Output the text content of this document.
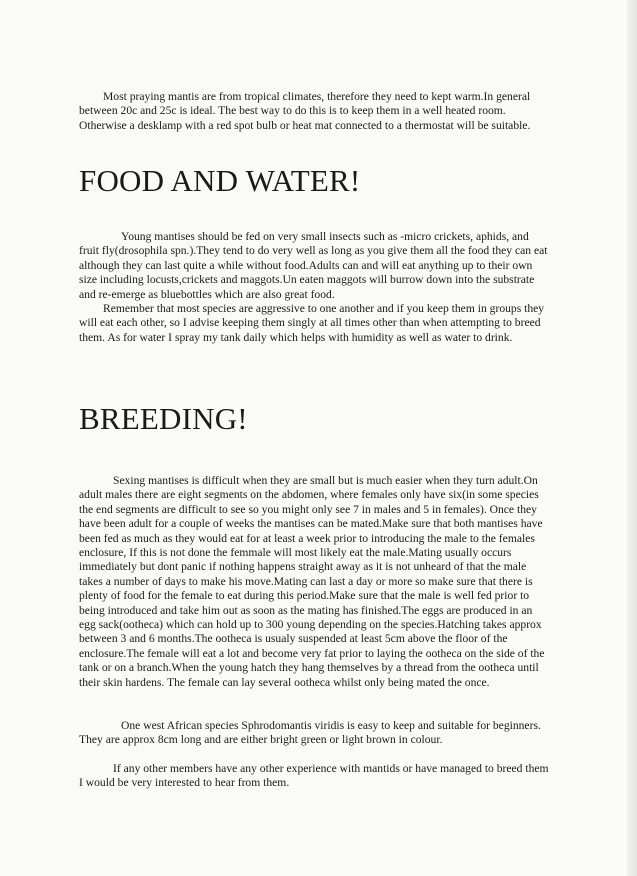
Most praying mantis are from tropical climates, therefore they need to kept warm.In general between 20c and 25c is ideal. The best way to do this is to keep them in a well heated room. Otherwise a desklamp with a red spot bulb or heat mat connected to a thermostat will be suitable.

FOOD AND WATER!

Young mantises should be fed on very small insects such as -micro crickets, aphids, and fruit fly(drosophila spn.).They tend to do very well as long as you give them all the food they can eat although they can last quite a while without food.Adults can and will eat anything up to their own size including locusts,crickets and maggots.Un eaten maggots will burrow down into the substrate and re-emerge as bluebottles which are also great food.

Remember that most species are aggressive to one another and if you keep them in groups they will eat each other, so I advise keeping them singly at all times other than when attempting to breed them. As for water I spray my tank daily which helps with humidity as well as water to drink.

BREEDING!

Sexing mantises is difficult when they are small but is much easier when they turn adult.On adult males there are eight segments on the abdomen, where females only have six(in some species the end segments are difficult to see so you might only see 7 in males and 5 in females). Once they have been adult for a couple of weeks the mantises can be mated.Make sure that both mantises have been fed as much as they would eat for at least a week prior to introducing the male to the females enclosure, If this is not done the femmale will most likely eat the male.Mating usually occurs immediately but dont panic if nothing happens straight away as it is not unheard of that the male takes a number of days to make his move.Mating can last a day or more so make sure that there is plenty of food for the female to eat during this period.Make sure that the male is well fed prior to being introduced and take him out as soon as the mating has finished.The eggs are produced in an egg sack(ootheca) which can hold up to 300 young depending on the species.Hatching takes approx between 3 and 6 months.The ootheca is usualy suspended at least 5cm above the floor of the enclosure.The female will eat a lot and become very fat prior to laying the ootheca on the side of the tank or on a branch.When the young hatch they hang themselves by a thread from the ootheca until their skin hardens. The female can lay several ootheca whilst only being mated the once.

One west African species Sphrodomantis viridis is easy to keep and suitable for beginners. They are approx 8cm long and are either bright green or light brown in colour.

If any other members have any other experience with mantids or have managed to breed them I would be very interested to hear from them.
